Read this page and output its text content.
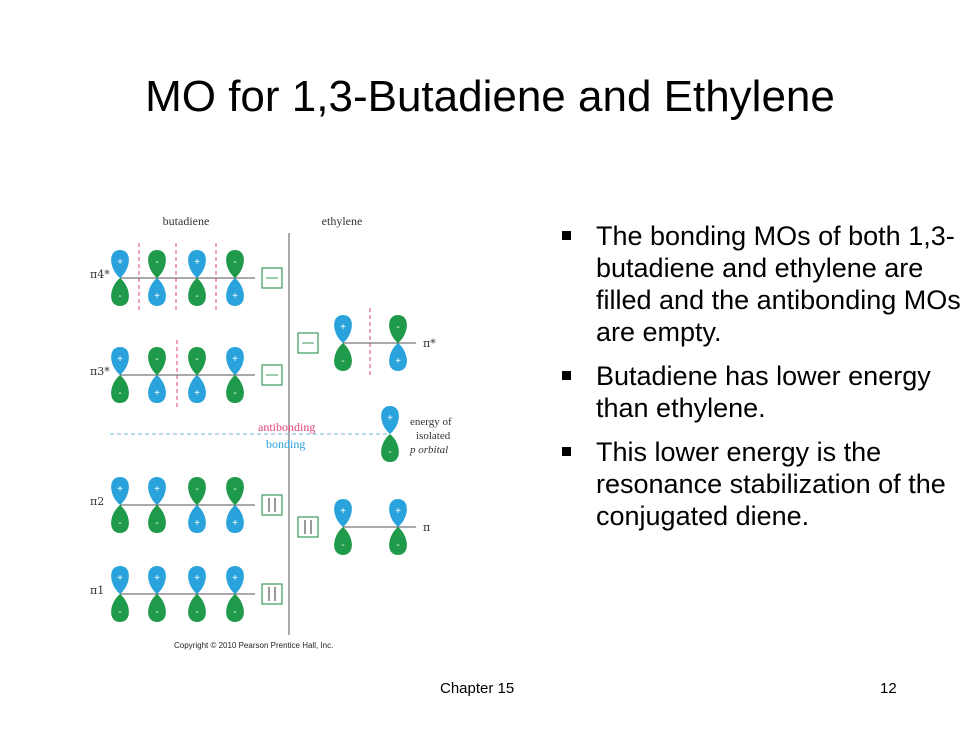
MO for 1,3-Butadiene and Ethylene
butadiene	ethylene
antibonding
bonding
+
-
energy of
isolated
p orbital
+
-
-
+
+
-
-
+
π4*
+
-
-
+
-
+
+
-
π3*
+
-
+
-
-
+
-
+
π2
+
-
+
-
+
-
+
-
π1
+
-
-
+
π*
+
-
+
-
π
Copyright © 2010 Pearson Prentice Hall, Inc.
The bonding MOs of both 1,3-butadiene and ethylene are filled and the antibonding MOs are empty.
Butadiene has lower energy than ethylene.
This lower energy is the resonance stabilization of the conjugated diene.
Chapter 15	12
